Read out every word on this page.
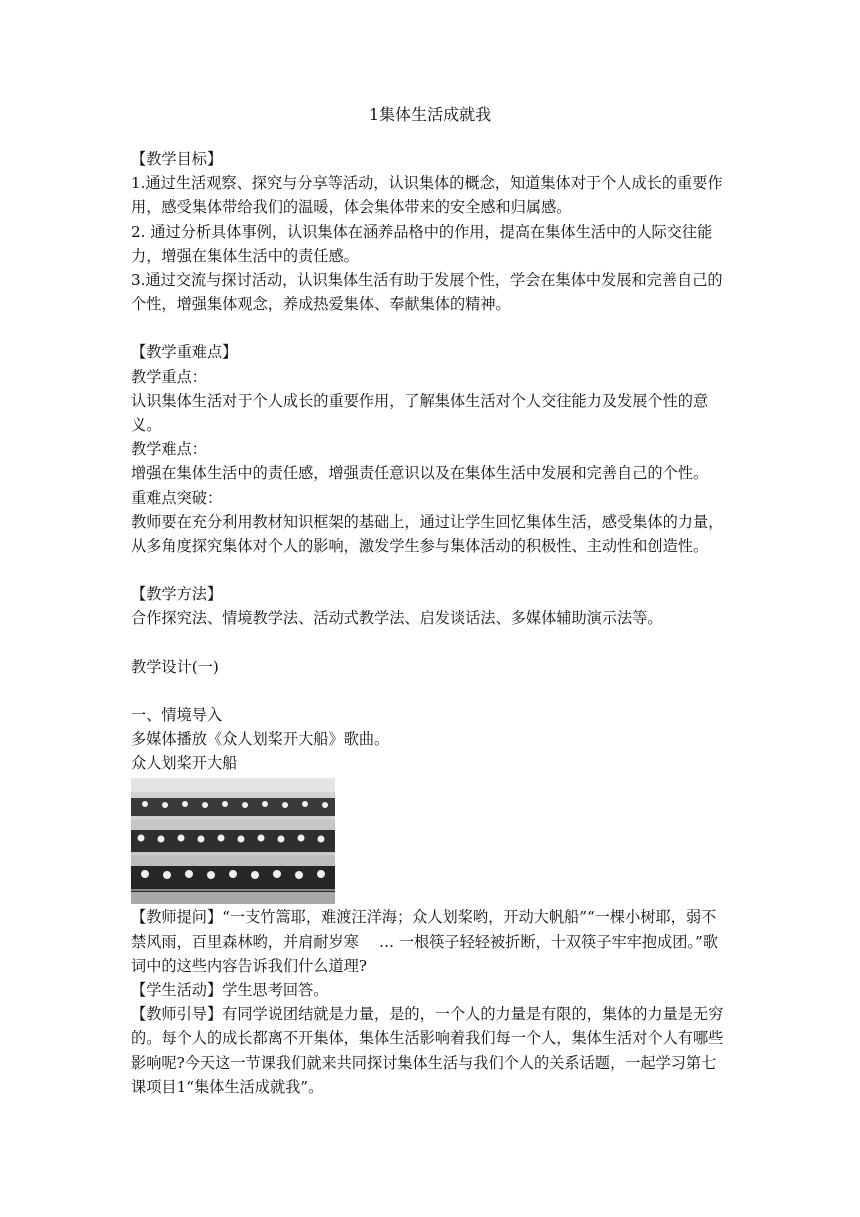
1集体生活成就我

【教学目标】

1.通过生活观察、探究与分享等活动，认识集体的概念，知道集体对于个人成长的重要作用，感受集体带给我们的温暖，体会集体带来的安全感和归属感。

2. 通过分析具体事例，认识集体在涵养品格中的作用，提高在集体生活中的人际交往能力，增强在集体生活中的责任感。

3.通过交流与探讨活动，认识集体生活有助于发展个性，学会在集体中发展和完善自己的个性，增强集体观念，养成热爱集体、奉献集体的精神。

【教学重难点】

教学重点：

认识集体生活对于个人成长的重要作用，了解集体生活对个人交往能力及发展个性的意义。

教学难点：

增强在集体生活中的责任感，增强责任意识以及在集体生活中发展和完善自己的个性。

重难点突破：

教师要在充分利用教材知识框架的基础上，通过让学生回忆集体生活，感受集体的力量，从多角度探究集体对个人的影响，激发学生参与集体活动的积极性、主动性和创造性。

【教学方法】

合作探究法、情境教学法、活动式教学法、启发谈话法、多媒体辅助演示法等。

教学设计(一)

一、情境导入

多媒体播放《众人划桨开大船》歌曲。

众人划桨开大船

【教师提问】“一支竹篙耶，难渡汪洋海；众人划桨哟，开动大帆船”“一棵小树耶，弱不禁风雨，百里森林哟，并肩耐岁寒　 … 一根筷子轻轻被折断，十双筷子牢牢抱成团。”歌词中的这些内容告诉我们什么道理?

【学生活动】学生思考回答。

【教师引导】有同学说团结就是力量，是的，一个人的力量是有限的，集体的力量是无穷的。每个人的成长都离不开集体，集体生活影响着我们每一个人，集体生活对个人有哪些影响呢?今天这一节课我们就来共同探讨集体生活与我们个人的关系话题，一起学习第七课项目1“集体生活成就我”。
